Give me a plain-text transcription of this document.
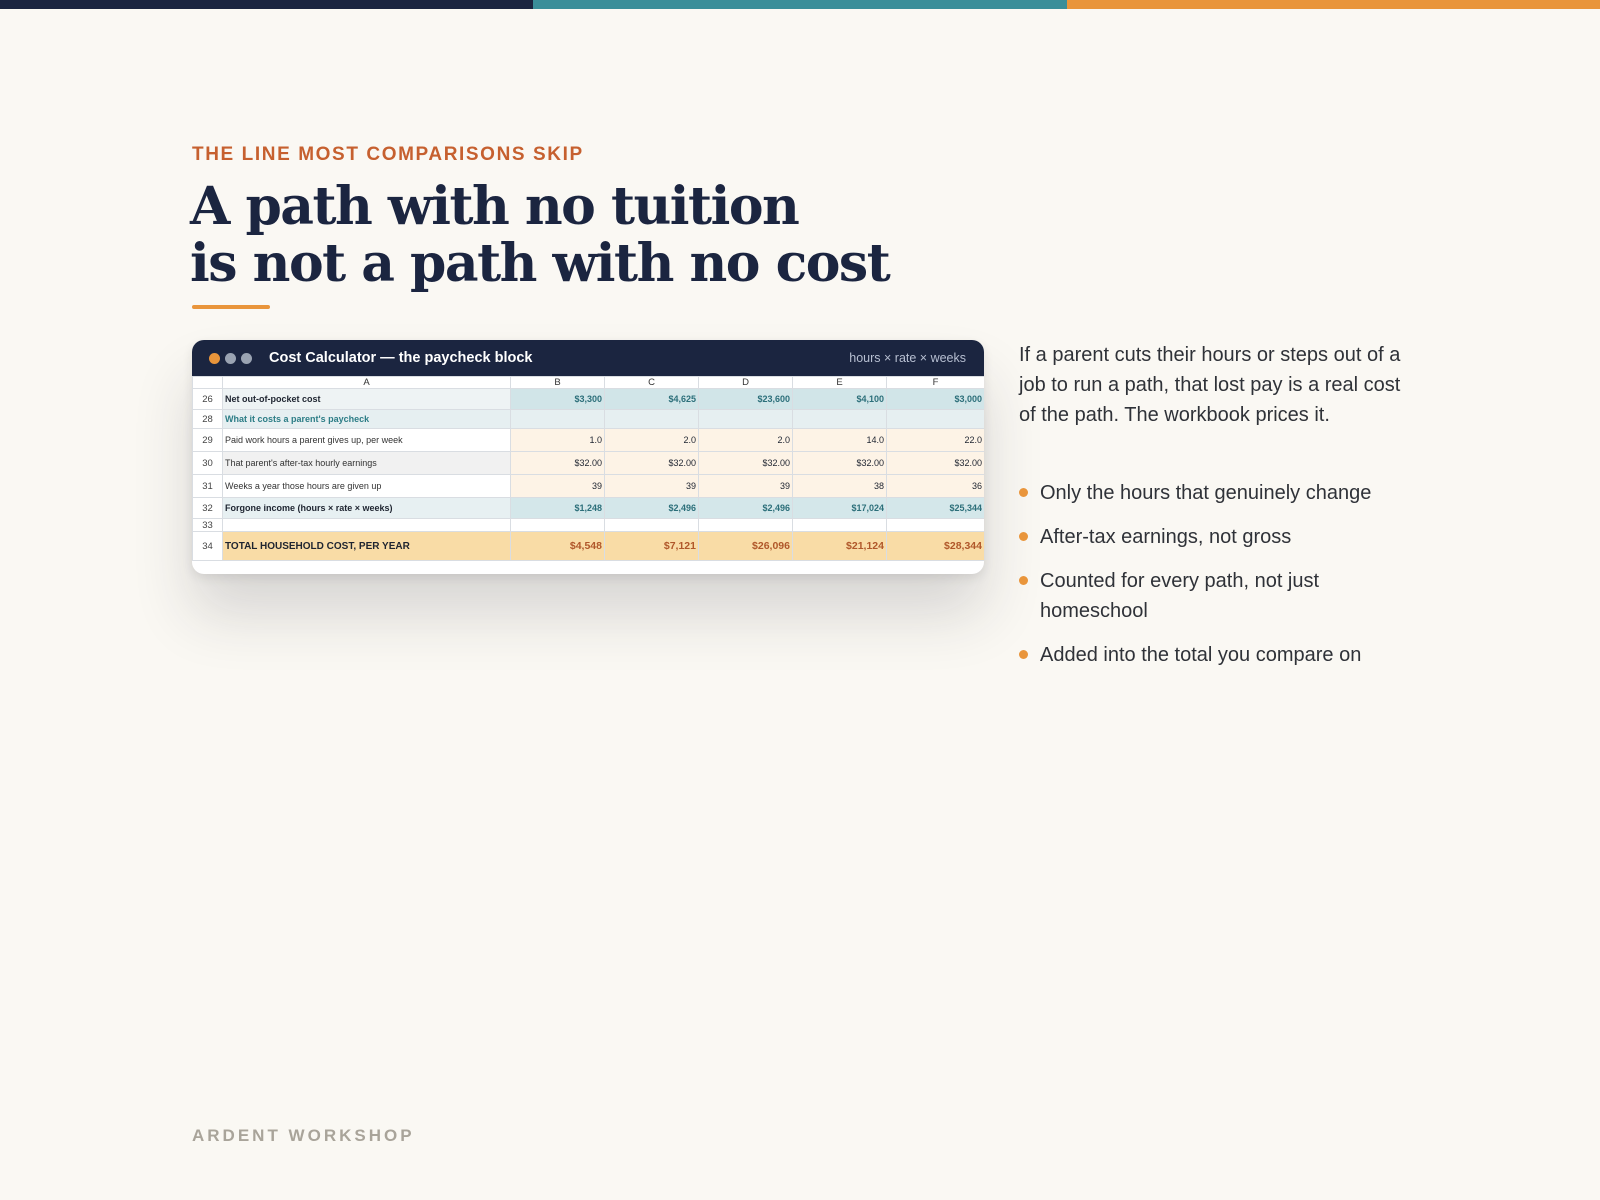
THE LINE MOST COMPARISONS SKIP
A path with no tuition
is not a path with no cost
Cost Calculator — the paycheck block	hours × rate × weeks
	A	B	C	D	E	F
26	Net out-of-pocket cost	$3,300	$4,625	$23,600	$4,100	$3,000
28	What it costs a parent's paycheck					
29	Paid work hours a parent gives up, per week	1.0	2.0	2.0	14.0	22.0
30	That parent's after-tax hourly earnings	$32.00	$32.00	$32.00	$32.00	$32.00
31	Weeks a year those hours are given up	39	39	39	38	36
32	Forgone income (hours × rate × weeks)	$1,248	$2,496	$2,496	$17,024	$25,344
33						
34	TOTAL HOUSEHOLD COST, PER YEAR	$4,548	$7,121	$26,096	$21,124	$28,344

If a parent cuts their hours or steps out of a job to run a path, that lost pay is a real cost of the path. The workbook prices it.

Only the hours that genuinely change
After-tax earnings, not gross
Counted for every path, not just homeschool
Added into the total you compare on
ARDENT WORKSHOP
